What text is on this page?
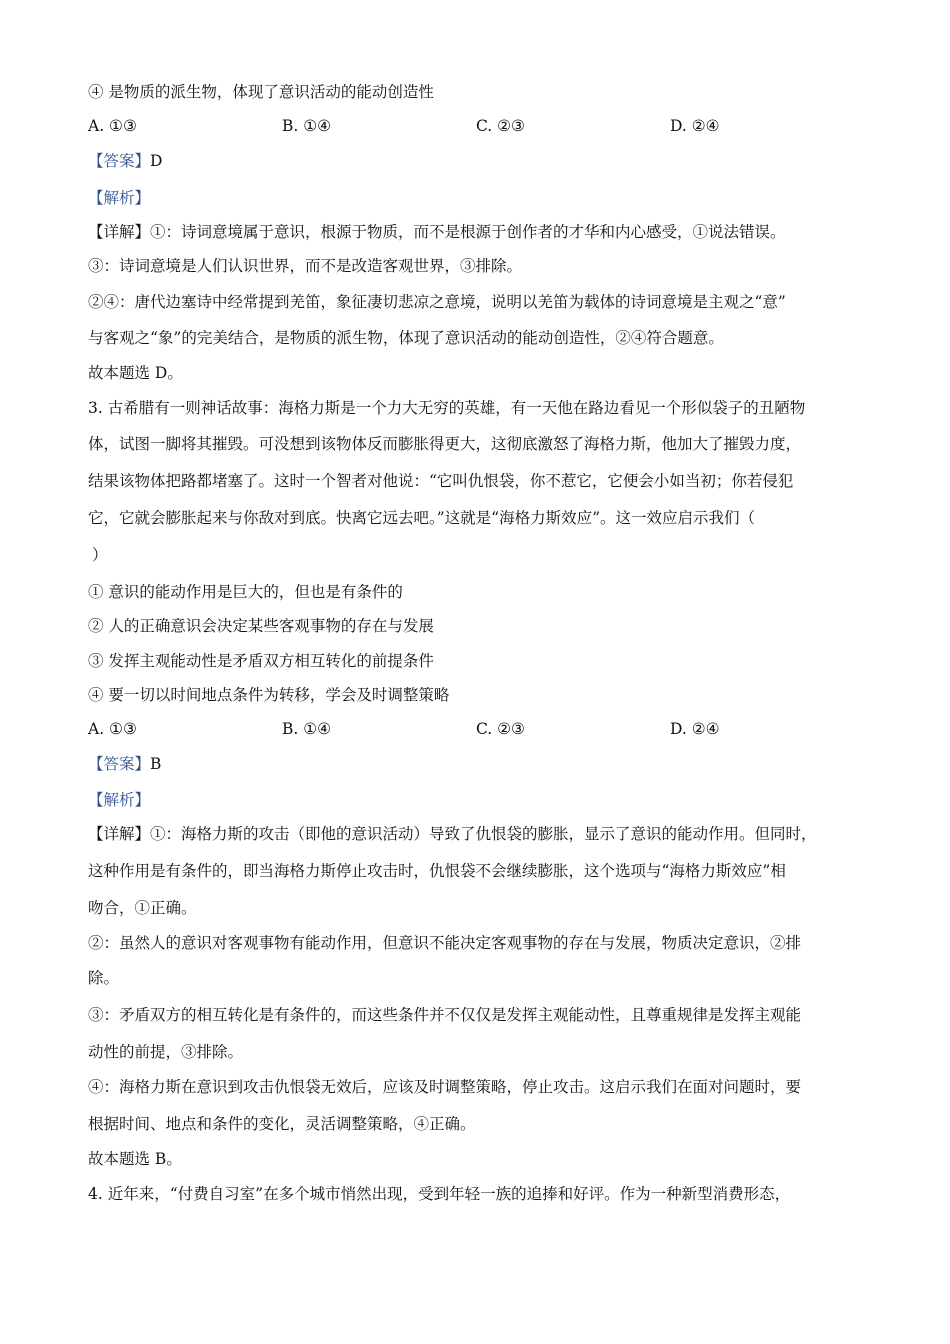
④ 是物质的派生物，体现了意识活动的能动创造性
A. ①③	B. ①④	C. ②③	D. ②④
【答案】D
【解析】
【详解】①：诗词意境属于意识，根源于物质，而不是根源于创作者的才华和内心感受，①说法错误。
③：诗词意境是人们认识世界，而不是改造客观世界，③排除。
②④：唐代边塞诗中经常提到羌笛，象征凄切悲凉之意境，说明以羌笛为载体的诗词意境是主观之“意”
与客观之“象”的完美结合，是物质的派生物，体现了意识活动的能动创造性，②④符合题意。
故本题选 D。
3. 古希腊有一则神话故事：海格力斯是一个力大无穷的英雄，有一天他在路边看见一个形似袋子的丑陋物
体，试图一脚将其摧毁。可没想到该物体反而膨胀得更大，这彻底激怒了海格力斯，他加大了摧毁力度，
结果该物体把路都堵塞了。这时一个智者对他说：“它叫仇恨袋，你不惹它，它便会小如当初；你若侵犯
它，它就会膨胀起来与你敌对到底。快离它远去吧。”这就是“海格力斯效应”。这一效应启示我们（
）
① 意识的能动作用是巨大的，但也是有条件的
② 人的正确意识会决定某些客观事物的存在与发展
③ 发挥主观能动性是矛盾双方相互转化的前提条件
④ 要一切以时间地点条件为转移，学会及时调整策略
A. ①③	B. ①④	C. ②③	D. ②④
【答案】B
【解析】
【详解】①：海格力斯的攻击（即他的意识活动）导致了仇恨袋的膨胀，显示了意识的能动作用。但同时，
这种作用是有条件的，即当海格力斯停止攻击时，仇恨袋不会继续膨胀，这个选项与“海格力斯效应”相
吻合，①正确。
②：虽然人的意识对客观事物有能动作用，但意识不能决定客观事物的存在与发展，物质决定意识，②排
除。
③：矛盾双方的相互转化是有条件的，而这些条件并不仅仅是发挥主观能动性，且尊重规律是发挥主观能
动性的前提，③排除。
④：海格力斯在意识到攻击仇恨袋无效后，应该及时调整策略，停止攻击。这启示我们在面对问题时，要
根据时间、地点和条件的变化，灵活调整策略，④正确。
故本题选 B。
4. 近年来，“付费自习室”在多个城市悄然出现，受到年轻一族的追捧和好评。作为一种新型消费形态，
